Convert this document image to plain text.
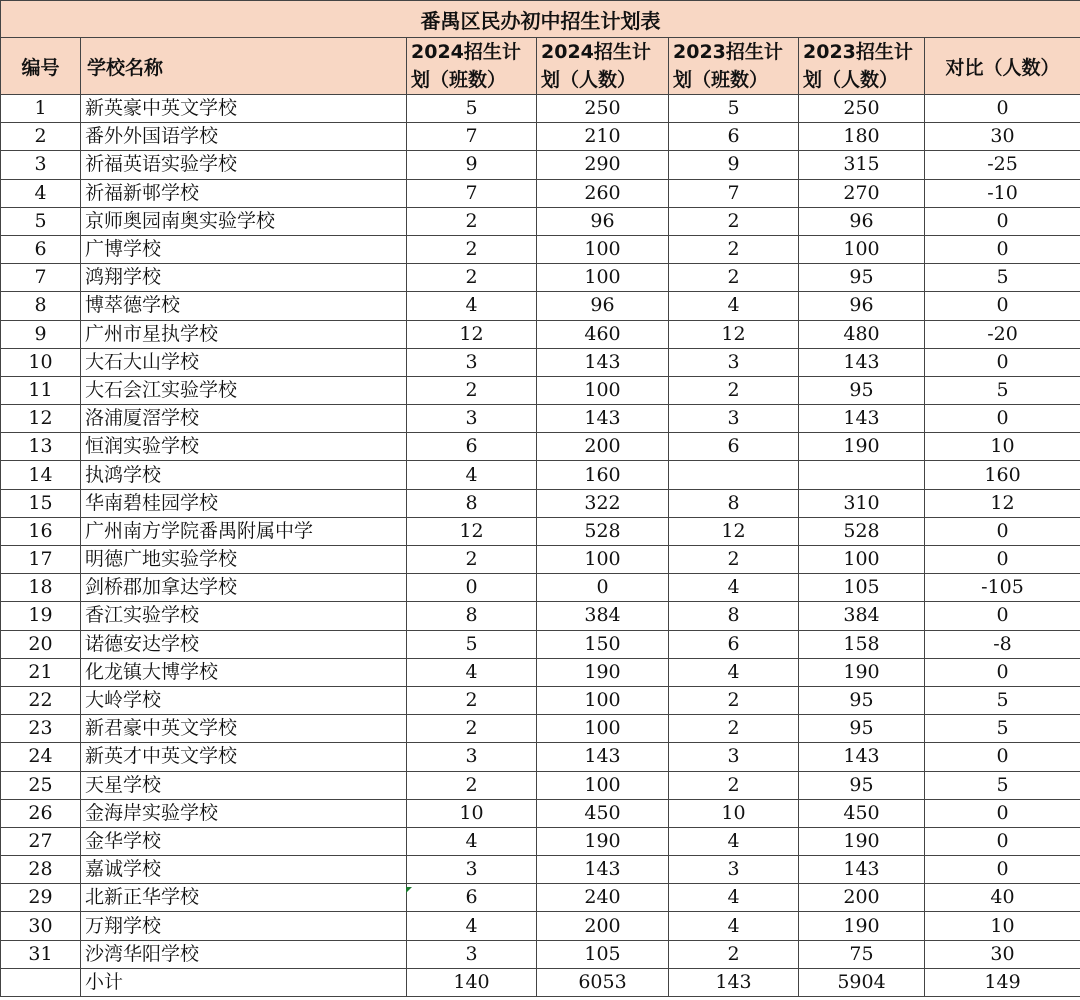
番禺区民办初中招生计划表						
编号	学校名称	2024招生计划（班数）	2024招生计划（人数）	2023招生计划（班数）	2023招生计划（人数）	对比（人数）
1	新英豪中英文学校	5	250	5	250	0
2	番外外国语学校	7	210	6	180	30
3	祈福英语实验学校	9	290	9	315	-25
4	祈福新邨学校	7	260	7	270	-10
5	京师奥园南奥实验学校	2	96	2	96	0
6	广博学校	2	100	2	100	0
7	鸿翔学校	2	100	2	95	5
8	博萃德学校	4	96	4	96	0
9	广州市星执学校	12	460	12	480	-20
10	大石大山学校	3	143	3	143	0
11	大石会江实验学校	2	100	2	95	5
12	洛浦厦滘学校	3	143	3	143	0
13	恒润实验学校	6	200	6	190	10
14	执鸿学校	4	160			160
15	华南碧桂园学校	8	322	8	310	12
16	广州南方学院番禺附属中学	12	528	12	528	0
17	明德广地实验学校	2	100	2	100	0
18	剑桥郡加拿达学校	0	0	4	105	-105
19	香江实验学校	8	384	8	384	0
20	诺德安达学校	5	150	6	158	-8
21	化龙镇大博学校	4	190	4	190	0
22	大岭学校	2	100	2	95	5
23	新君豪中英文学校	2	100	2	95	5
24	新英才中英文学校	3	143	3	143	0
25	天星学校	2	100	2	95	5
26	金海岸实验学校	10	450	10	450	0
27	金华学校	4	190	4	190	0
28	嘉诚学校	3	143	3	143	0
29	北新正华学校	6	240	4	200	40
30	万翔学校	4	200	4	190	10
31	沙湾华阳学校	3	105	2	75	30
	小计	140	6053	143	5904	149
